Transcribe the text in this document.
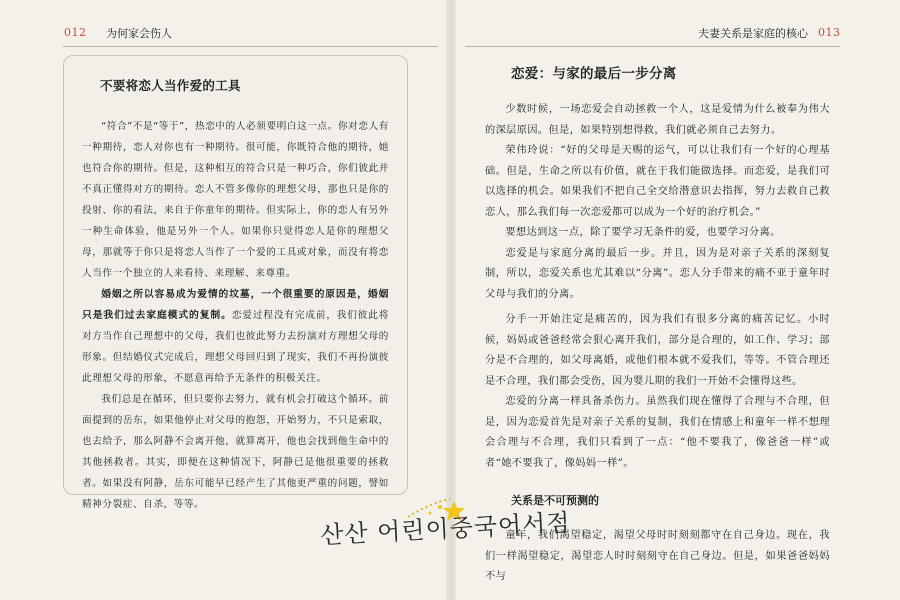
012 为何家会伤人	夫妻关系是家庭的核心 013
不要将恋人当作爱的工具

“符合”不是“等于”，热恋中的人必须要明白这一点。你对恋人有一种期待，恋人对你也有一种期待。很可能，你既符合他的期待，她也符合你的期待。但是，这种相互的符合只是一种巧合，你们彼此并不真正懂得对方的期待。恋人不管多像你的理想父母，那也只是你的投射、你的看法，来自于你童年的期待。但实际上，你的恋人有另外一种生命体验，他是另外一个人。如果你只觉得恋人是你的理想父母，那就等于你只是将恋人当作了一个爱的工具或对象，而没有将恋人当作一个独立的人来看待、来理解、来尊重。

婚姻之所以容易成为爱情的坟墓，一个很重要的原因是，婚姻只是我们过去家庭模式的复制。恋爱过程没有完成前，我们彼此将对方当作自己理想中的父母，我们也彼此努力去扮演对方理想父母的形象。但结婚仪式完成后，理想父母回归到了现实，我们不再扮演彼此理想父母的形象，不愿意再给予无条件的积极关注。

我们总是在循环，但只要你去努力，就有机会打破这个循环。前面提到的岳东，如果他停止对父母的抱怨，开始努力，不只是索取，也去给予，那么阿静不会离开他，就算离开，他也会找到他生命中的其他拯救者。其实，即便在这种情况下，阿静已是他很重要的拯救者。如果没有阿静，岳东可能早已经产生了其他更严重的问题，譬如精神分裂症、自杀，等等。

산산 어린이중국어서점
恋爱：与家的最后一步分离

少数时候，一场恋爱会自动拯救一个人，这是爱情为什么被奉为伟大的深层原因。但是，如果特别想得救，我们就必须自己去努力。

荣伟玲说：“好的父母是天赐的运气，可以让我们有一个好的心理基础。但是，生命之所以有价值，就在于我们能做选择。而恋爱，是我们可以选择的机会。如果我们不把自己全交给潜意识去指挥，努力去救自己救恋人，那么我们每一次恋爱都可以成为一个好的治疗机会。”

要想达到这一点，除了要学习无条件的爱，也要学习分离。

恋爱是与家庭分离的最后一步。并且，因为是对亲子关系的深刻复制，所以，恋爱关系也尤其难以“分离”。恋人分手带来的痛不亚于童年时父母与我们的分离。

分手一开始注定是痛苦的，因为我们有很多分离的痛苦记忆。小时候，妈妈或爸爸经常会狠心离开我们，部分是合理的，如工作、学习；部分是不合理的，如父母离婚，或他们根本就不爱我们，等等。不管合理还是不合理，我们都会受伤，因为婴儿期的我们一开始不会懂得这些。

恋爱的分离一样具备杀伤力。虽然我们现在懂得了合理与不合理，但是，因为恋爱首先是对亲子关系的复制，我们在情感上和童年一样不想理会合理与不合理，我们只看到了一点：“他不要我了，像爸爸一样”或者“她不要我了，像妈妈一样”。

关系是不可预测的

童年，我们渴望稳定，渴望父母时时刻刻都守在自己身边。现在，我们一样渴望稳定，渴望恋人时时刻刻守在自己身边。但是，如果爸爸妈妈不与
